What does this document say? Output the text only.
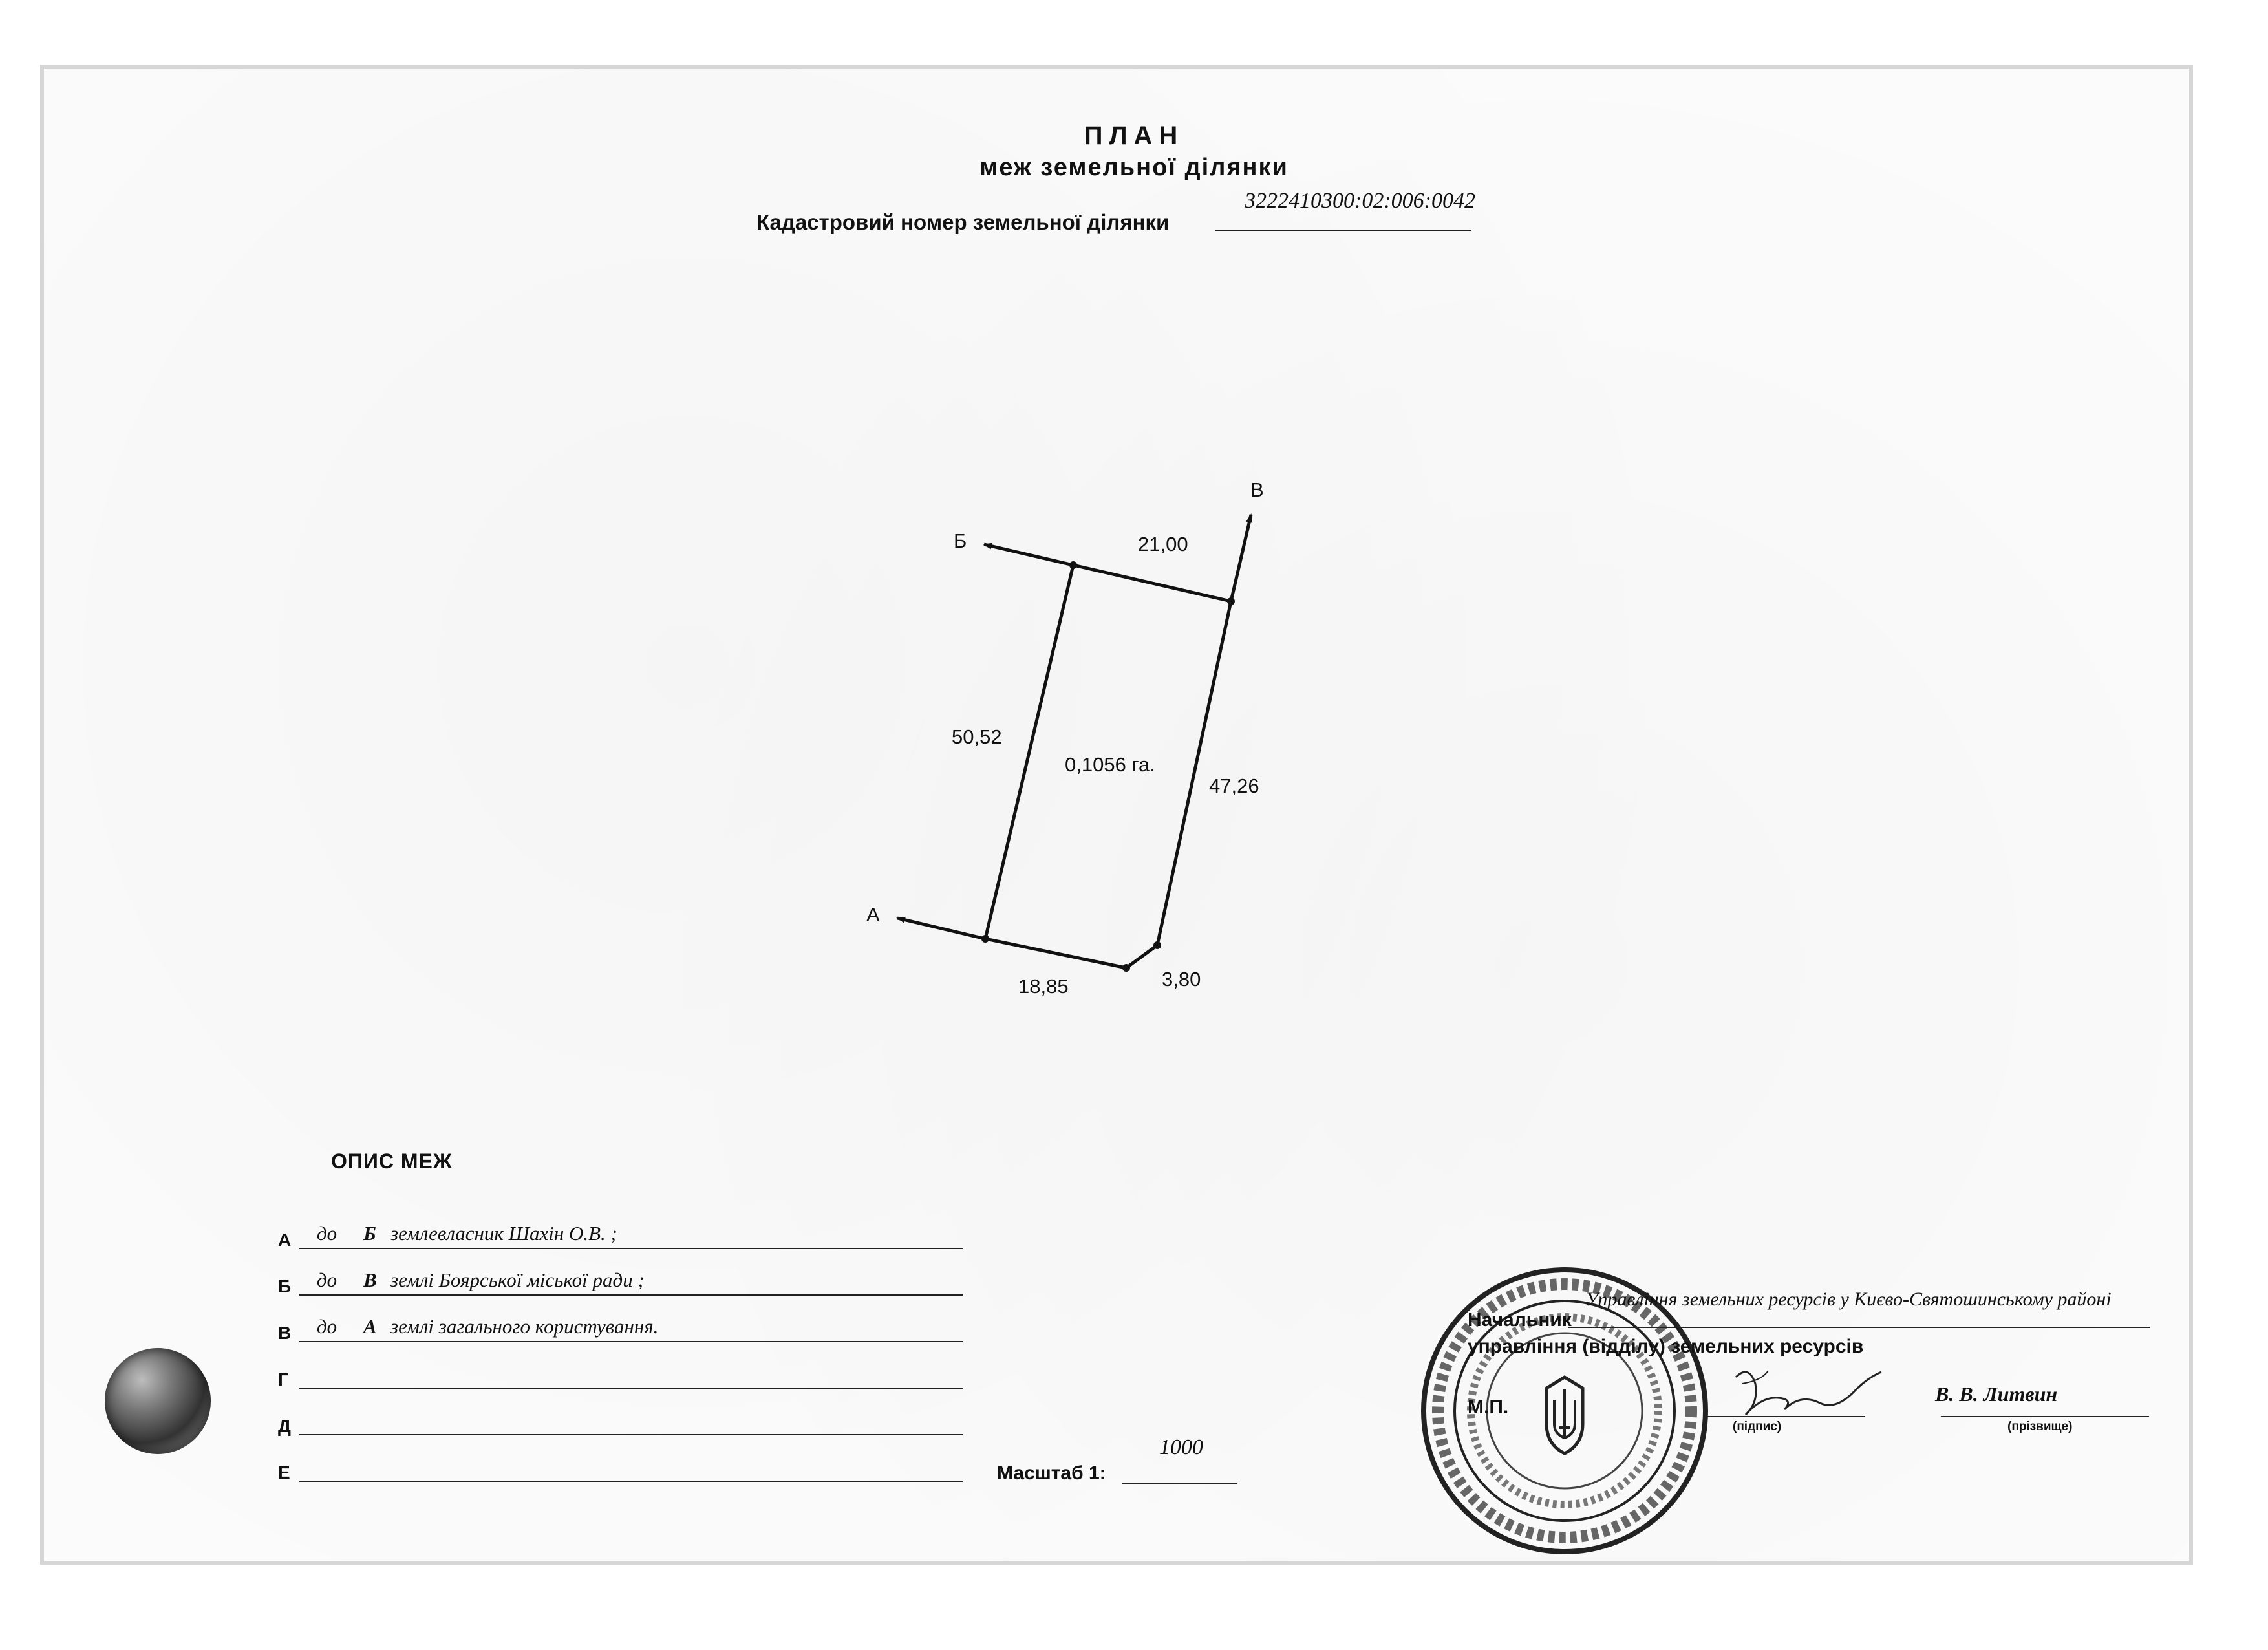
ПЛАН
меж земельної ділянки
Кадастровий номер земельної ділянки
3222410300:02:006:0042
Б
В
А
21,00
50,52
47,26
18,85	3,80
0,1056 га.
ОПИС МЕЖ
А до Б землевласник Шахін О.В. ;
Б до В землі Боярської міської ради ;
В до А землі загального користування.
Г
Д
Е	Масштаб 1:
1000
Управління земельних ресурсів у Києво-Святошинському районі
Начальник
управління (відділу) земельних ресурсів
М.П.
(підпис)
В. В. Литвин
(прізвище)
